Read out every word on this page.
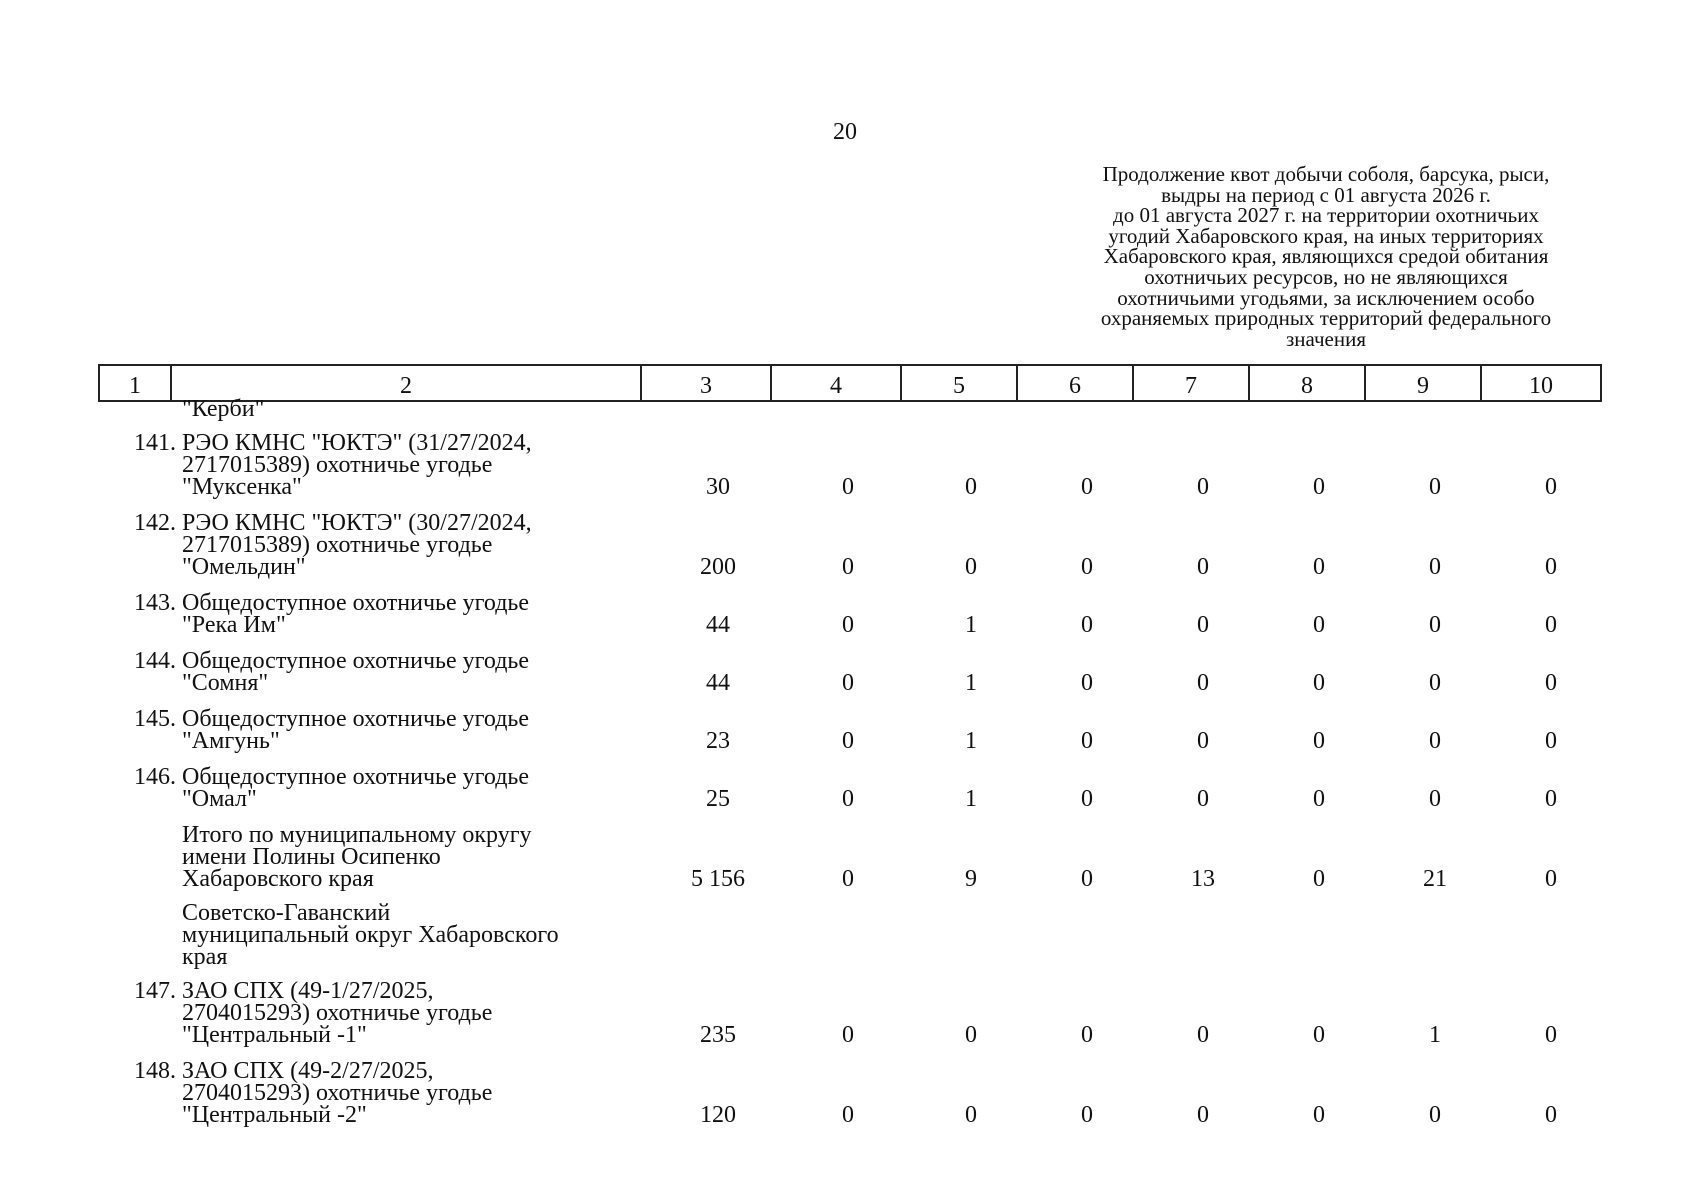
20
Продолжение квот добычи соболя, барсука, рыси,
выдры на период с 01 августа 2026 г.
до 01 августа 2027 г. на территории охотничьих
угодий Хабаровского края, на иных территориях
Хабаровского края, являющихся средой обитания
охотничьих ресурсов, но не являющихся
охотничьими угодьями, за исключением особо
охраняемых природных территорий федерального
значения
1	2	3	4	5	6	7	8	9	10
"Керби"
141. РЭО КМНС "ЮКТЭ" (31/27/2024,
2717015389) охотничье угодье
"Муксенка"	30	0	0	0	0	0	0	0
142. РЭО КМНС "ЮКТЭ" (30/27/2024,
2717015389) охотничье угодье
"Омельдин"	200	0	0	0	0	0	0	0
143. Общедоступное охотничье угодье
"Река Им"	44	0	1	0	0	0	0	0
144. Общедоступное охотничье угодье
"Сомня"	44	0	1	0	0	0	0	0
145. Общедоступное охотничье угодье
"Амгунь"	23	0	1	0	0	0	0	0
146. Общедоступное охотничье угодье
"Омал"	25	0	1	0	0	0	0	0
Итого по муниципальному округу
имени Полины Осипенко
Хабаровского края	5 156	0	9	0	13	0	21	0
Советско-Гаванский
муниципальный округ Хабаровского
края
147. ЗАО СПХ (49-1/27/2025,
2704015293) охотничье угодье
"Центральный -1"	235	0	0	0	0	0	1	0
148. ЗАО СПХ (49-2/27/2025,
2704015293) охотничье угодье
"Центральный -2"	120	0	0	0	0	0	0	0
